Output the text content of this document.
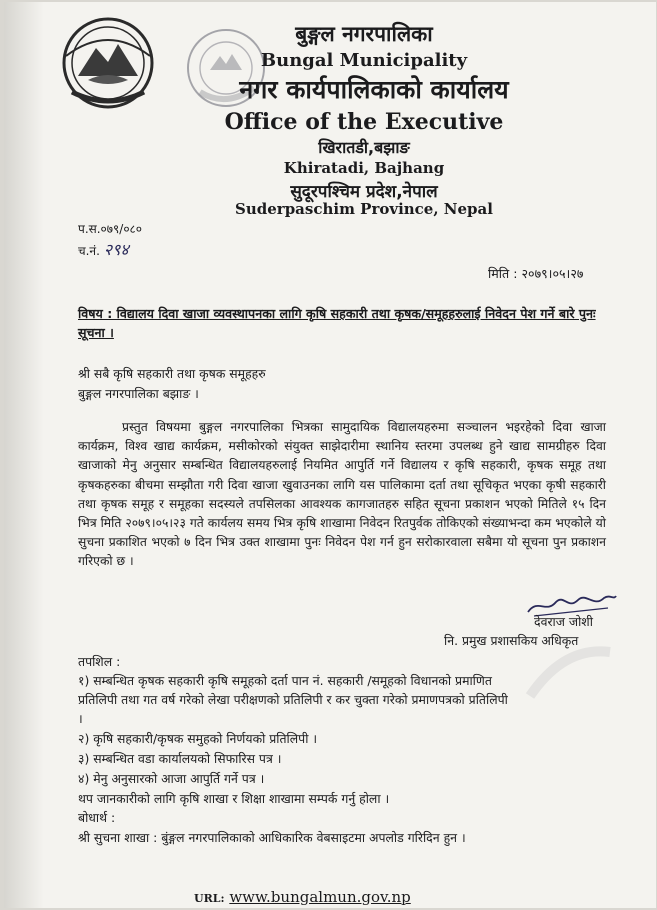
बुङ्गल नगरपालिका
Bungal Municipality
नगर कार्यपालिकाको कार्यालय
Office of the Executive
खिरातडी,बझाङ
Khiratadi, Bajhang
सुदूरपश्चिम प्रदेश,नेपाल
Suderpaschim Province, Nepal
प.स.०७९/०८०
च.नं. २९४
मिति : २०७९।०५।२७
विषय : विद्यालय दिवा खाजा व्यवस्थापनका लागि कृषि सहकारी तथा कृषक/समूहहरुलाई निवेदन पेश गर्ने बारे पुनः सूचना ।
श्री सबै कृषि सहकारी तथा कृषक समूहहरु
बुङ्गल नगरपालिका बझाङ ।
प्रस्तुत विषयमा बुङ्गल नगरपालिका भित्रका सामुदायिक विद्यालयहरुमा सञ्चालन भइरहेको दिवा खाजा कार्यक्रम, विश्व खाद्य कार्यक्रम, मसीकोरको संयुक्त साझेदारीमा स्थानिय स्तरमा उपलब्ध हुने खाद्य सामग्रीहरु दिवा खाजाको मेनु अनुसार सम्बन्धित विद्यालयहरुलाई नियमित आपुर्ति गर्ने विद्यालय र कृषि सहकारी, कृषक समूह तथा कृषकहरुका बीचमा सम्झौता गरी दिवा खाजा खुवाउनका लागि यस पालिकामा दर्ता तथा सूचिकृत भएका कृषी सहकारी तथा कृषक समूह र समूहका सदस्यले तपसिलका आवश्यक कागजातहरु सहित सूचना प्रकाशन भएको मितिले १५ दिन भित्र मिति २०७९।०५।२३ गते कार्यलय समय भित्र कृषि शाखामा निवेदन रितपुर्वक तोकिएको संख्याभन्दा कम भएकोले यो सुचना प्रकाशित भएको ७ दिन भित्र उक्त शाखामा पुनः निवेदन पेश गर्न हुन सरोकारवाला सबैमा यो सूचना पुन प्रकाशन गरिएको छ ।
देवराज जोशी
नि. प्रमुख प्रशासकिय अधिकृत
तपशिल :
१) सम्बन्धित कृषक सहकारी कृषि समूहको दर्ता पान नं. सहकारी /समूहको विधानको प्रमाणित
प्रतिलिपी तथा गत वर्ष गरेको लेखा परीक्षणको प्रतिलिपी र कर चुक्ता गरेको प्रमाणपत्रको प्रतिलिपी
।
२) कृषि सहकारी/कृषक समुहको निर्णयको प्रतिलिपी ।
३) सम्बन्धित वडा कार्यालयको सिफारिस पत्र ।
४) मेनु अनुसारको आजा आपुर्ति गर्ने पत्र ।
थप जानकारीको लागि कृषि शाखा र शिक्षा शाखामा सम्पर्क गर्नु होला ।
बोधार्थ :
श्री सुचना शाखा : बुंङ्गल नगरपालिकाको आधिकारिक वेबसाइटमा अपलोड गरिदिन हुन ।
URL: www.bungalmun.gov.np
